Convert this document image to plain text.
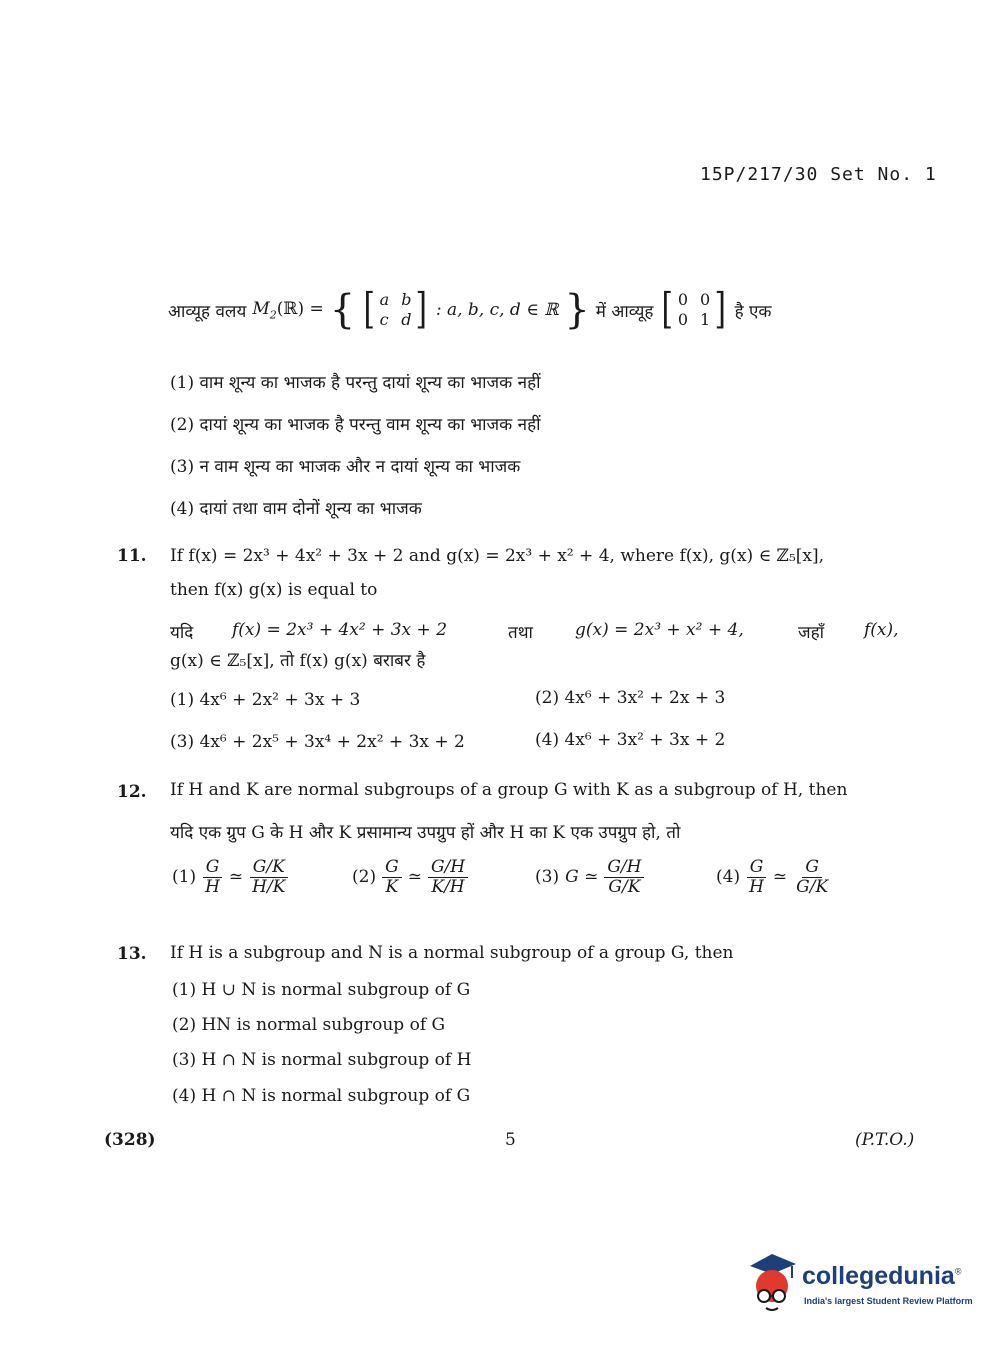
15P/217/30 Set No. 1
आव्यूह वलय $M_2(ℝ)$ = { [ a b
c d ] : a, b, c, d ∈ ℝ } में आव्यूह [ 0 0
0 1 ] है एक
(1) वाम शून्य का भाजक है परन्तु दायां शून्य का भाजक नहीं
(2) दायां शून्य का भाजक है परन्तु वाम शून्य का भाजक नहीं
(3) न वाम शून्य का भाजक और न दायां शून्य का भाजक
(4) दायां तथा वाम दोनों शून्य का भाजक
11. If f(x) = 2x³ + 4x² + 3x + 2 and g(x) = 2x³ + x² + 4, where f(x), g(x) ∈ ℤ₅[x],
then f(x) g(x) is equal to
यदि f(x) = 2x³ + 4x² + 3x + 2	तथा g(x) = 2x³ + x² + 4,	जहाँ f(x),
g(x) ∈ ℤ₅[x], तो f(x) g(x) बराबर है
(1) 4x⁶ + 2x² + 3x + 3	(2) 4x⁶ + 3x² + 2x + 3
(3) 4x⁶ + 2x⁵ + 3x⁴ + 2x² + 3x + 2	(4) 4x⁶ + 3x² + 3x + 2
12. If H and K are normal subgroups of a group G with K as a subgroup of H, then
यदि एक ग्रुप G के H और K प्रसामान्य उपग्रुप हों और H का K एक उपग्रुप हो, तो
$(1) \frac{G}{H}$ ≃ $\frac{G/K}{H/K}$	$(2) \frac{G}{K}$ ≃ $\frac{G/H}{K/H}$	(3) G ≃ $\frac{G/H}{G/K}$	$(4) \frac{G}{H}$ ≃ $\frac{G}{G/K}$
13. If H is a subgroup and N is a normal subgroup of a group G, then
(1) H ∪ N is normal subgroup of G
(2) HN is normal subgroup of G
(3) H ∩ N is normal subgroup of H
(4) H ∩ N is normal subgroup of G
(328)	5	(P.T.O.)
collegedunia®
India's largest Student Review Platform
